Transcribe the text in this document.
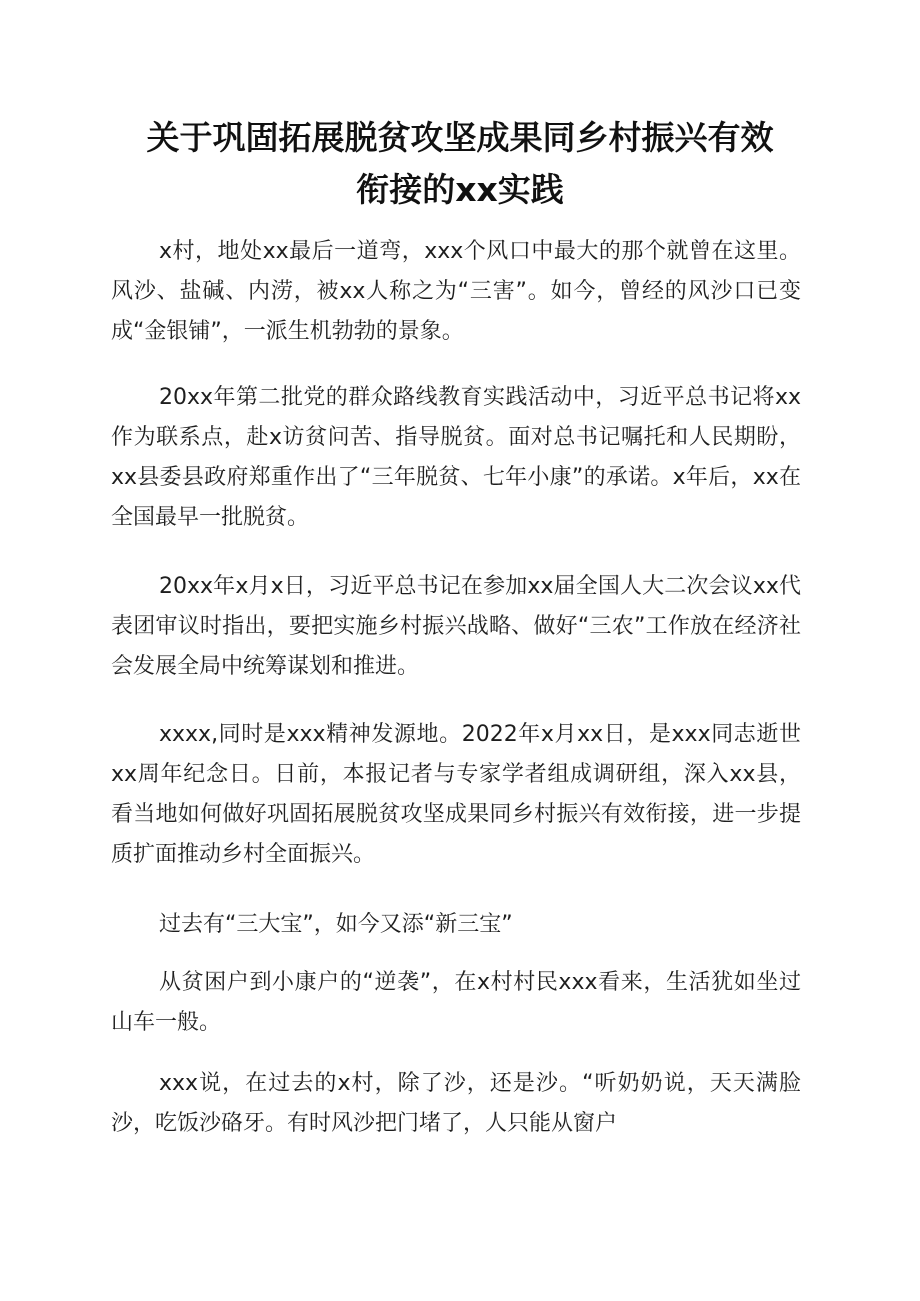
关于巩固拓展脱贫攻坚成果同乡村振兴有效
衔接的xx实践

x村，地处xx最后一道弯，xxx个风口中最大的那个就曾在这里。风沙、盐碱、内涝，被xx人称之为“三害”。如今，曾经的风沙口已变成“金银铺”，一派生机勃勃的景象。

20xx年第二批党的群众路线教育实践活动中，习近平总书记将xx作为联系点，赴x访贫问苦、指导脱贫。面对总书记嘱托和人民期盼，xx县委县政府郑重作出了“三年脱贫、七年小康”的承诺。x年后，xx在全国最早一批脱贫。

20xx年x月x日，习近平总书记在参加xx届全国人大二次会议xx代表团审议时指出，要把实施乡村振兴战略、做好“三农”工作放在经济社会发展全局中统筹谋划和推进。

xxxx,同时是xxx精神发源地。2022年x月xx日，是xxx同志逝世xx周年纪念日。日前，本报记者与专家学者组成调研组，深入xx县，看当地如何做好巩固拓展脱贫攻坚成果同乡村振兴有效衔接，进一步提质扩面推动乡村全面振兴。

过去有“三大宝”，如今又添“新三宝”

从贫困户到小康户的“逆袭”，在x村村民xxx看来，生活犹如坐过山车一般。

xxx说，在过去的x村，除了沙，还是沙。“听奶奶说，天天满脸沙，吃饭沙硌牙。有时风沙把门堵了，人只能从窗户
